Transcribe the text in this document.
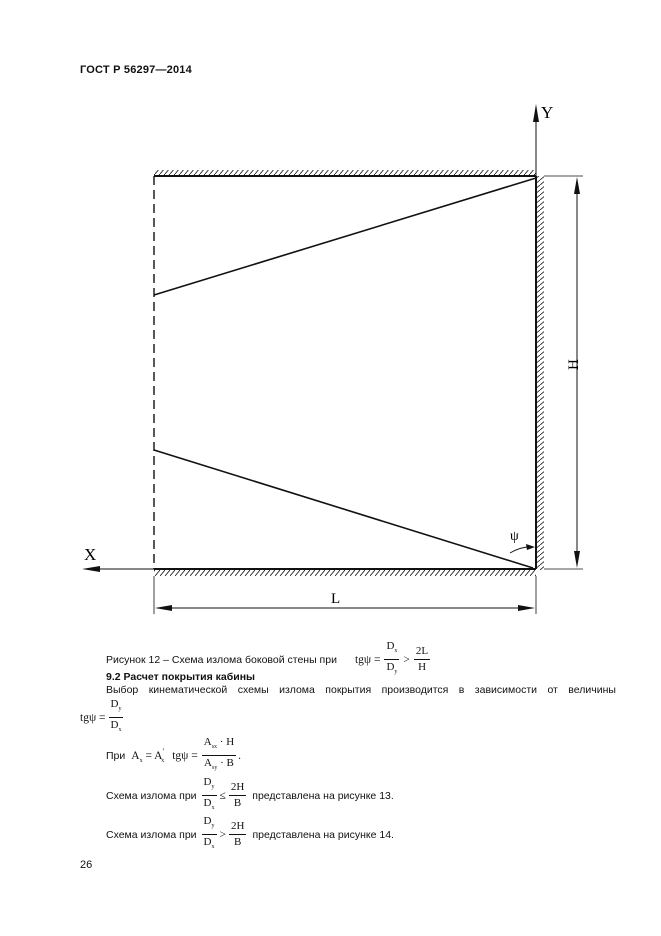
ГОСТ Р 56297—2014
Y
X
H
L
ψ
Рисунок 12 – Схема излома боковой стены при $tg\psi = \frac{D_x}{D_y} > \frac{2L}{H}$
9.2 Расчет покрытия кабины
Выбор кинематической схемы излома покрытия производится в зависимости от величины
$tg\psi = \frac{D_y}{D_x}$
При $A_x = A'_x$ $tg\psi = \frac{A_{sx} \cdot H}{A_{sy} \cdot B}$ .
Схема излома при $\frac{D_y}{D_x} \le \frac{2H}{B}$ представлена на рисунке 13.
Схема излома при $\frac{D_y}{D_x} > \frac{2H}{B}$ представлена на рисунке 14.
26
